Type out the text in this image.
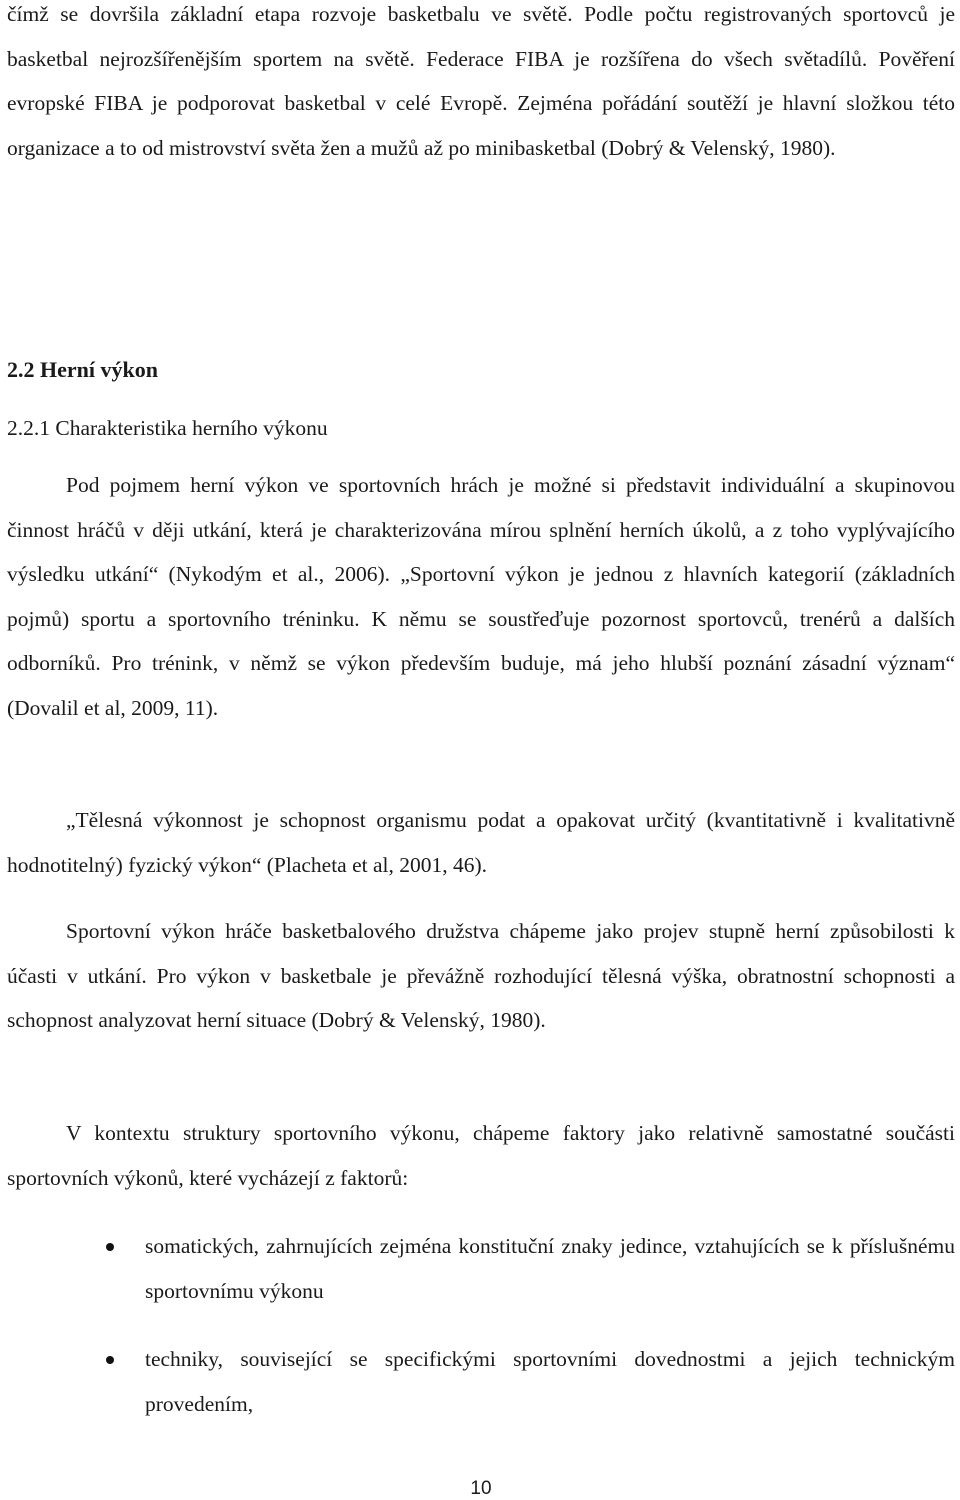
čímž se dovršila základní etapa rozvoje basketbalu ve světě. Podle počtu registrovaných sportovců je basketbal nejrozšířenějším sportem na světě. Federace FIBA je rozšířena do všech světadílů. Pověření evropské FIBA je podporovat basketbal v celé Evropě. Zejména pořádání soutěží je hlavní složkou této organizace a to od mistrovství světa žen a mužů až po minibasketbal (Dobrý & Velenský, 1980).

2.2 Herní výkon
2.2.1 Charakteristika herního výkonu

Pod pojmem herní výkon ve sportovních hrách je možné si představit individuální a skupinovou činnost hráčů v ději utkání, která je charakterizována mírou splnění herních úkolů, a z toho vyplývajícího výsledku utkání“ (Nykodým et al., 2006). „Sportovní výkon je jednou z hlavních kategorií (základních pojmů) sportu a sportovního tréninku. K němu se soustřeďuje pozornost sportovců, trenérů a dalších odborníků. Pro trénink, v němž se výkon především buduje, má jeho hlubší poznání zásadní význam“ (Dovalil et al, 2009, 11).

„Tělesná výkonnost je schopnost organismu podat a opakovat určitý (kvantitativně i kvalitativně hodnotitelný) fyzický výkon“ (Placheta et al, 2001, 46).

Sportovní výkon hráče basketbalového družstva chápeme jako projev stupně herní způsobilosti k účasti v utkání. Pro výkon v basketbale je převážně rozhodující tělesná výška, obratnostní schopnosti a schopnost analyzovat herní situace (Dobrý & Velenský, 1980).

V kontextu struktury sportovního výkonu, chápeme faktory jako relativně samostatné součásti sportovních výkonů, které vycházejí z faktorů:

somatických, zahrnujících zejména konstituční znaky jedince, vztahujících se k příslušnému sportovnímu výkonu
techniky, související se specifickými sportovními dovednostmi a jejich technickým provedením,
10
